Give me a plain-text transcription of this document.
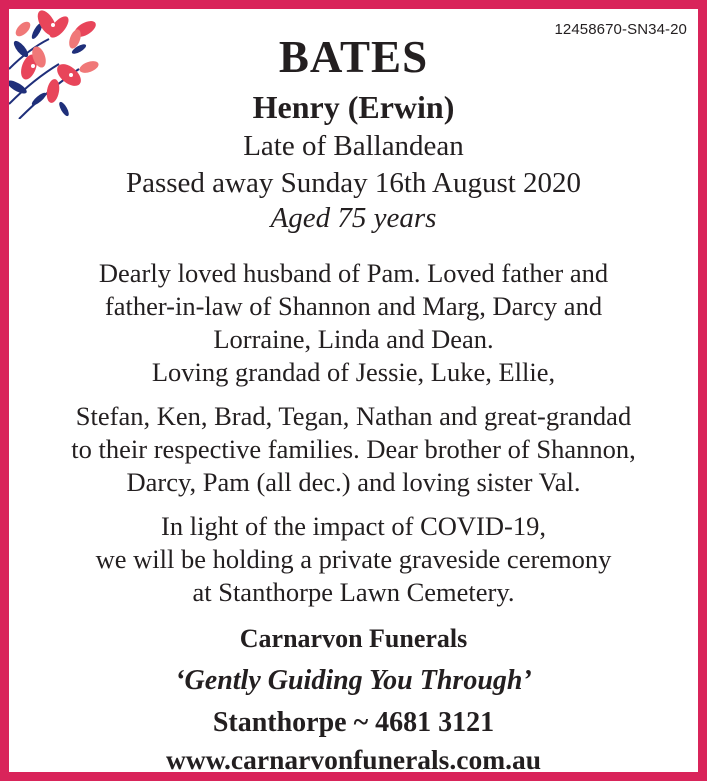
12458670-SN34-20
BATES
Henry (Erwin)
Late of Ballandean
Passed away Sunday 16th August 2020
Aged 75 years
Dearly loved husband of Pam. Loved father and
father-in-law of Shannon and Marg, Darcy and
Lorraine, Linda and Dean.
Loving grandad of Jessie, Luke, Ellie,
Stefan, Ken, Brad, Tegan, Nathan and great-grandad
to their respective families. Dear brother of Shannon,
Darcy, Pam (all dec.) and loving sister Val.
In light of the impact of COVID-19,
we will be holding a private graveside ceremony
at Stanthorpe Lawn Cemetery.
Carnarvon Funerals
‘Gently Guiding You Through’
Stanthorpe ~ 4681 3121
www.carnarvonfunerals.com.au
